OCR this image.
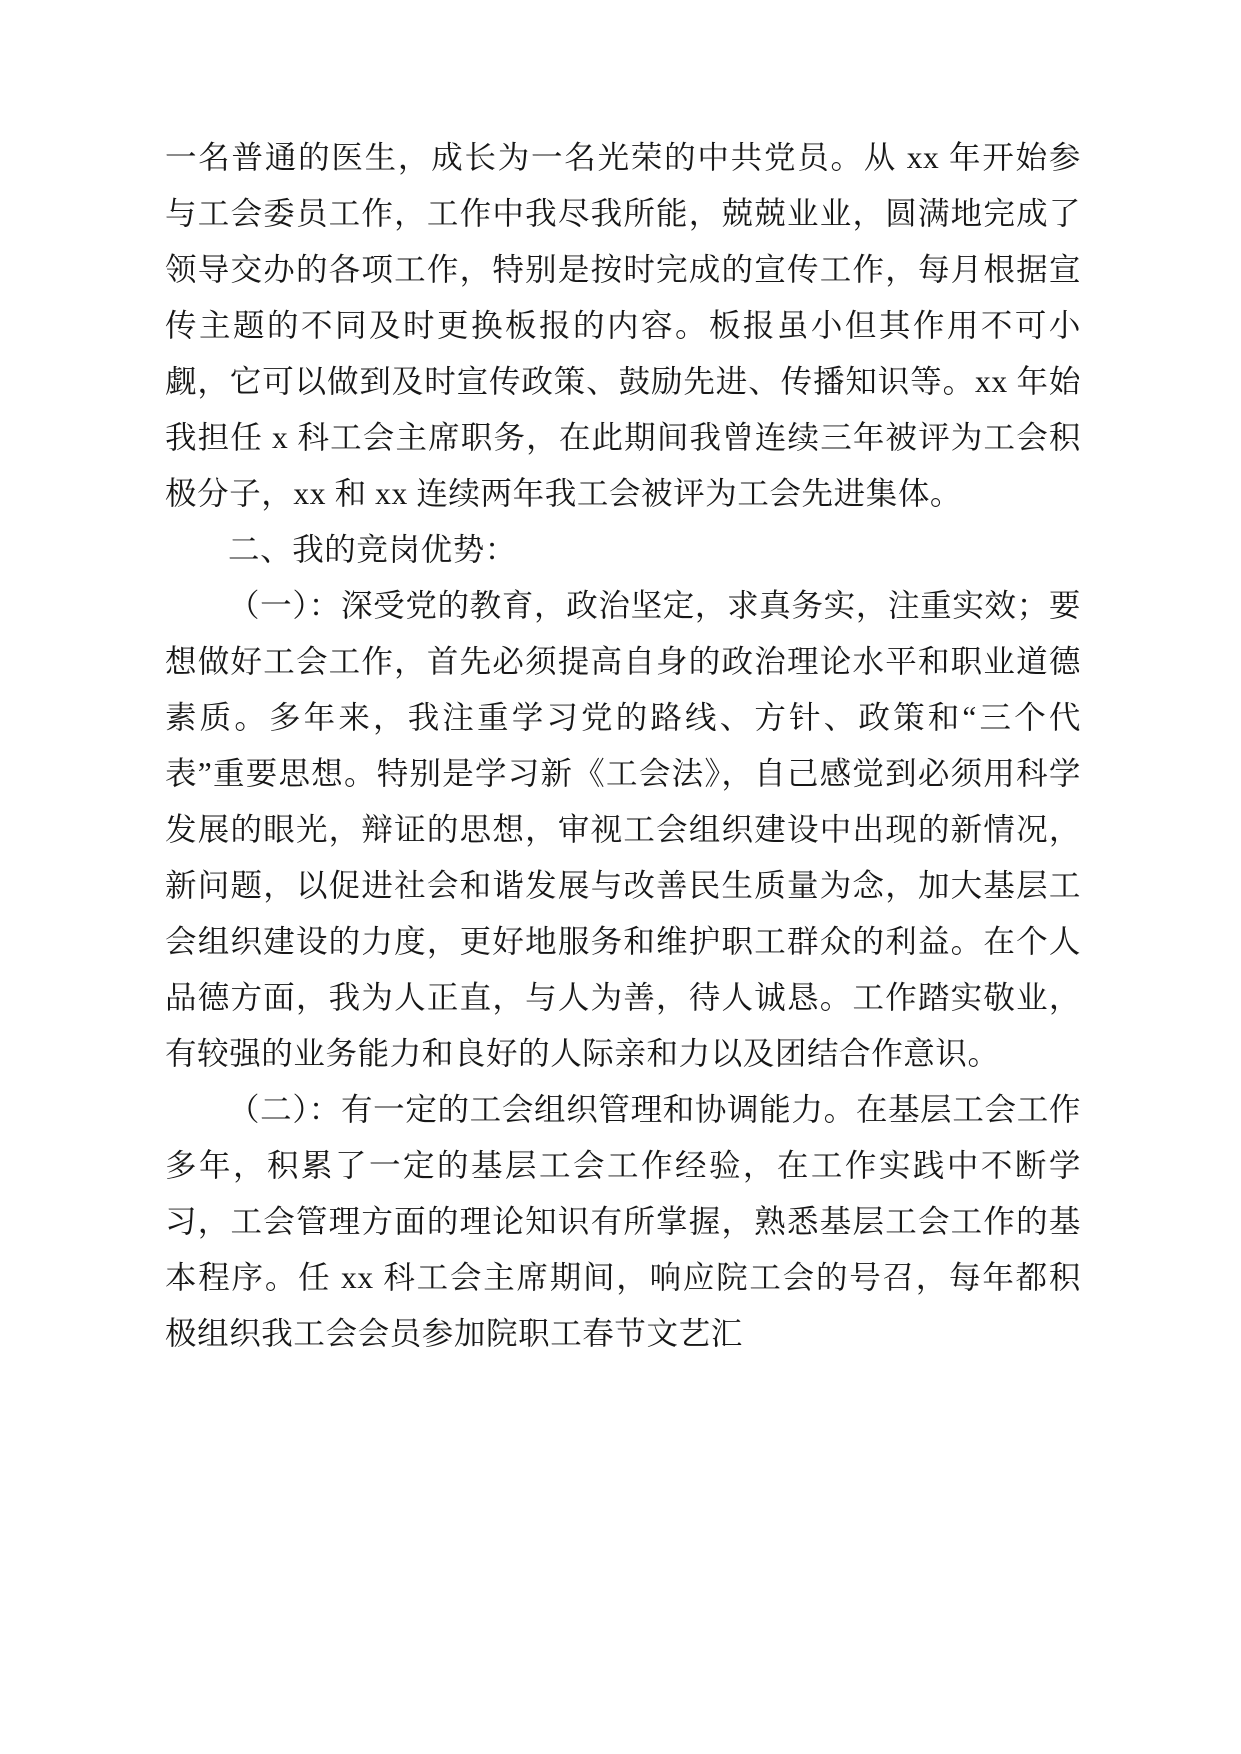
一名普通的医生，成长为一名光荣的中共党员。从 xx 年开始参与工会委员工作，工作中我尽我所能，兢兢业业，圆满地完成了领导交办的各项工作，特别是按时完成的宣传工作，每月根据宣传主题的不同及时更换板报的内容。板报虽小但其作用不可小觑，它可以做到及时宣传政策、鼓励先进、传播知识等。xx 年始我担任 x 科工会主席职务，在此期间我曾连续三年被评为工会积极分子，xx 和 xx 连续两年我工会被评为工会先进集体。

二、我的竞岗优势：

（一）：深受党的教育，政治坚定，求真务实，注重实效；要想做好工会工作，首先必须提高自身的政治理论水平和职业道德素质。多年来，我注重学习党的路线、方针、政策和“三个代表”重要思想。特别是学习新《工会法》，自己感觉到必须用科学发展的眼光，辩证的思想，审视工会组织建设中出现的新情况，新问题，以促进社会和谐发展与改善民生质量为念，加大基层工会组织建设的力度，更好地服务和维护职工群众的利益。在个人品德方面，我为人正直，与人为善，待人诚恳。工作踏实敬业，有较强的业务能力和良好的人际亲和力以及团结合作意识。

（二）：有一定的工会组织管理和协调能力。在基层工会工作多年，积累了一定的基层工会工作经验，在工作实践中不断学习，工会管理方面的理论知识有所掌握，熟悉基层工会工作的基本程序。任 xx 科工会主席期间，响应院工会的号召，每年都积极组织我工会会员参加院职工春节文艺汇
